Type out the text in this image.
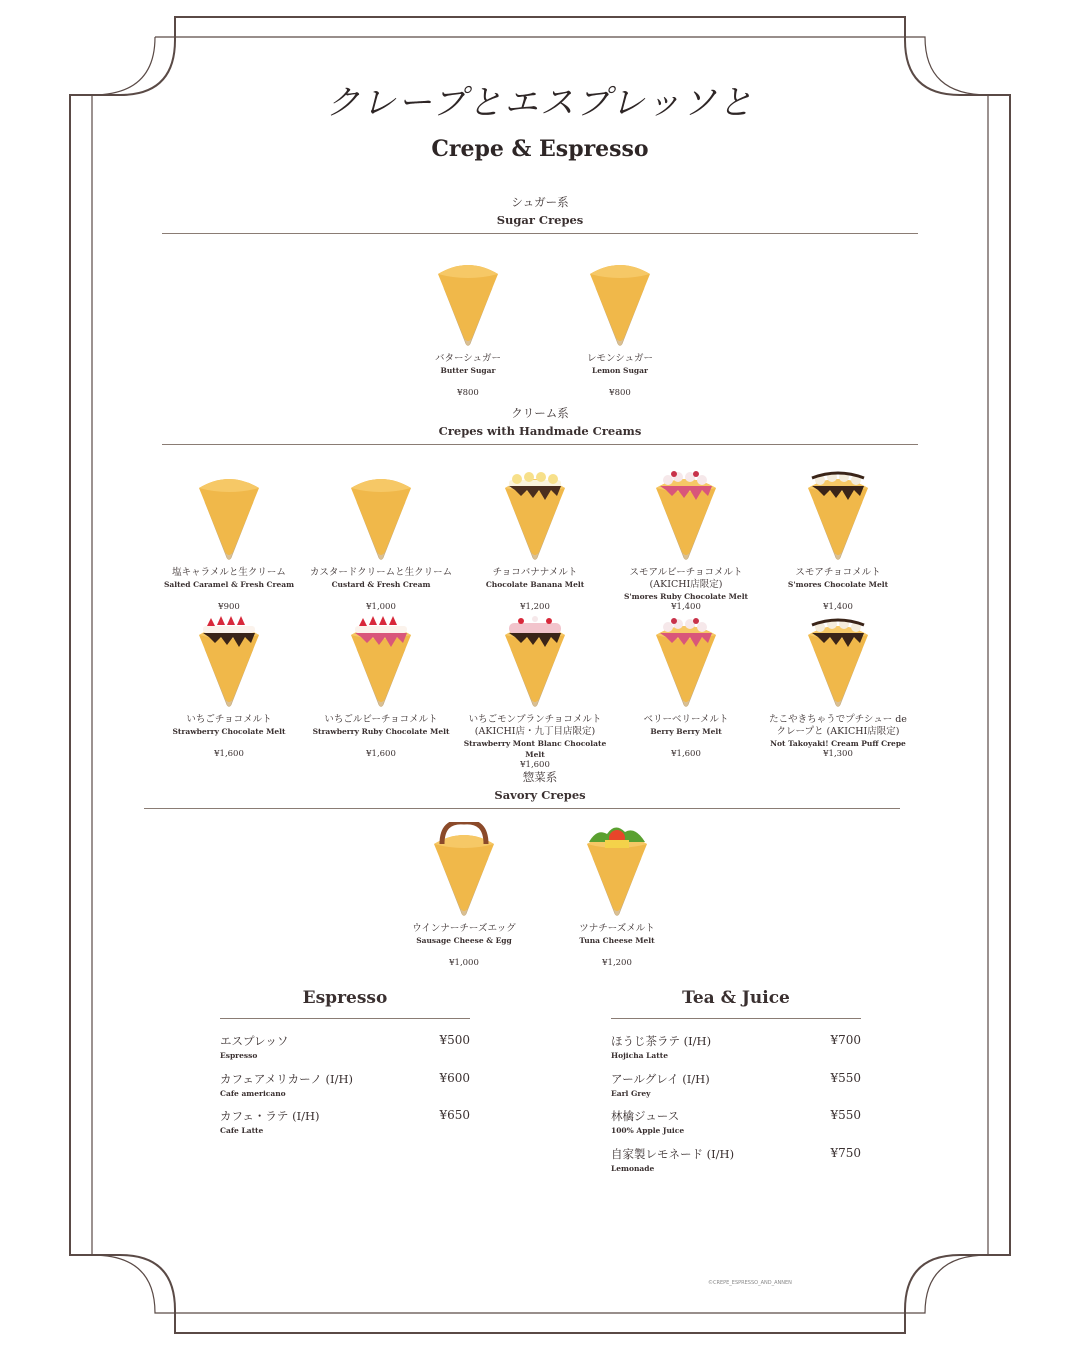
クレープとエスプレッソと
Crepe & Espresso
シュガー系
Sugar Crepes
バターシュガー
Butter Sugar
¥800
レモンシュガー
Lemon Sugar
¥800
クリーム系
Crepes with Handmade Creams
塩キャラメルと生クリーム
Salted Caramel & Fresh Cream
¥900
カスタードクリームと生クリーム
Custard & Fresh Cream
¥1,000
チョコバナナメルト
Chocolate Banana Melt
¥1,200
スモアルビーチョコメルト
(AKICHI店限定)
S'mores Ruby Chocolate Melt
¥1,400
スモアチョコメルト
S'mores Chocolate Melt
¥1,400
いちごチョコメルト
Strawberry Chocolate Melt
¥1,600
いちごルビーチョコメルト
Strawberry Ruby Chocolate Melt
¥1,600
いちごモンブランチョコメルト
(AKICHI店・九丁目店限定)
Strawberry Mont Blanc Chocolate Melt
¥1,600
ベリーベリーメルト
Berry Berry Melt
¥1,600
たこやきちゃうでプチシュー de
クレープと (AKICHI店限定)
Not Takoyaki! Cream Puff Crepe
¥1,300
惣菜系
Savory Crepes
ウインナーチーズエッグ
Sausage Cheese & Egg
¥1,000
ツナチーズメルト
Tuna Cheese Melt
¥1,200
Espresso
エスプレッソ
Espresso
¥500
カフェアメリカーノ (I/H)
Cafe americano
¥600
カフェ・ラテ (I/H)
Cafe Latte
¥650
Tea & Juice
ほうじ茶ラテ (I/H)
Hojicha Latte
¥700
アールグレイ (I/H)
Earl Grey
¥550
林檎ジュース
100% Apple Juice
¥550
自家製レモネード (I/H)
Lemonade
¥750
©CREPE_ESPRESSO_AND_ANNEN
